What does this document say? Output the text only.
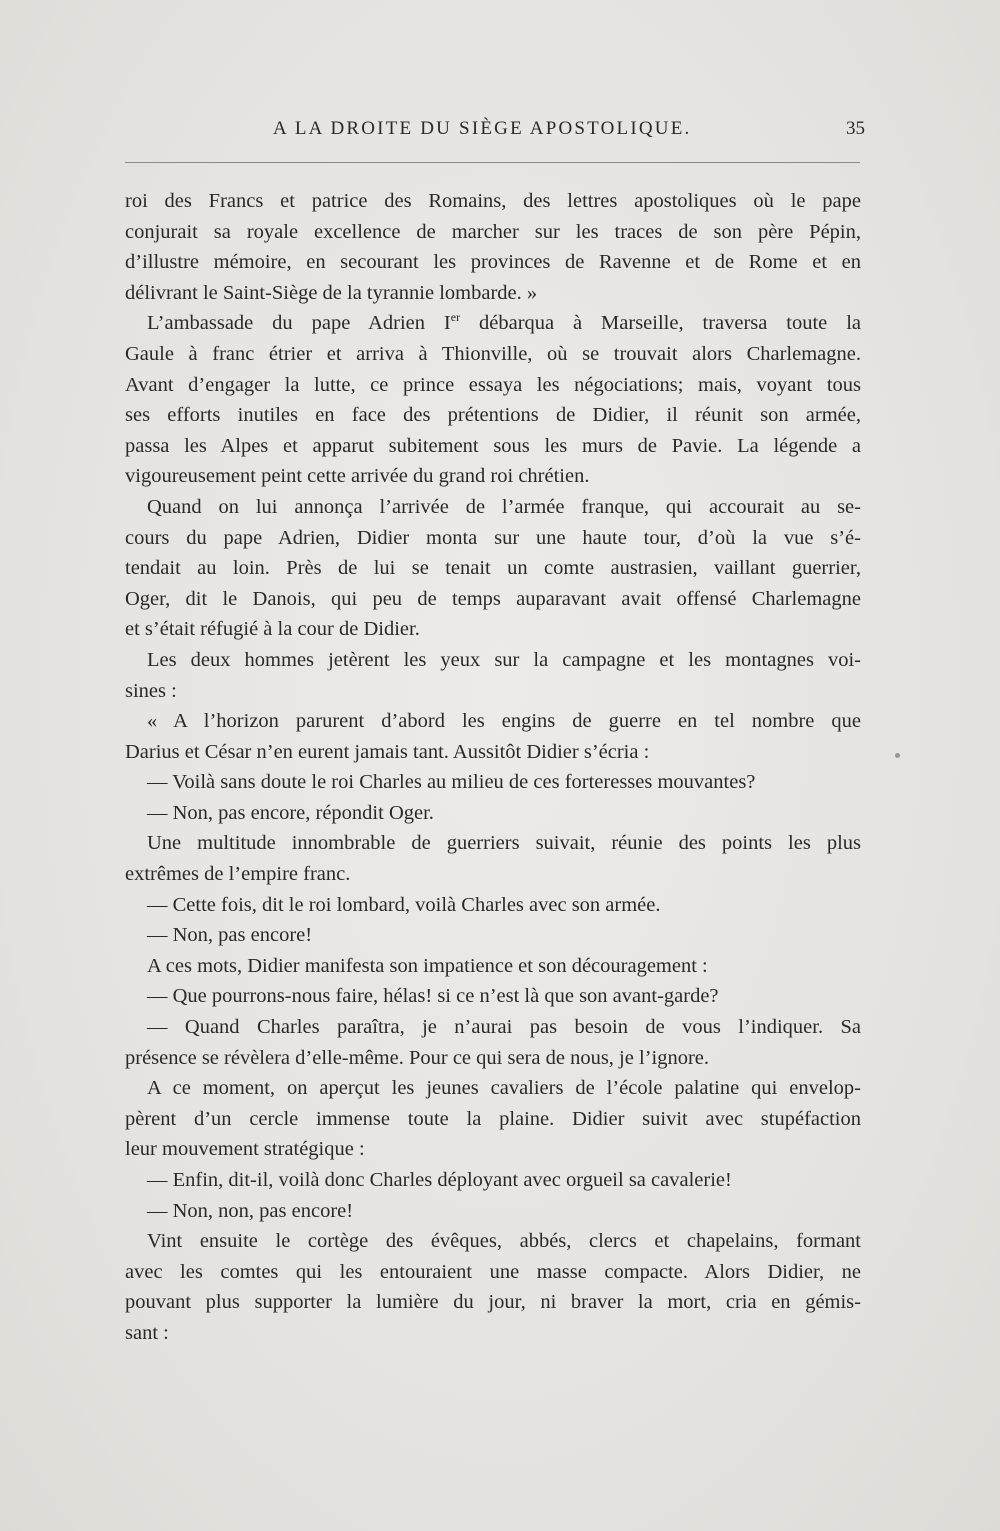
A LA DROITE DU SIÈGE APOSTOLIQUE.	35
roi des Francs et patrice des Romains, des lettres apostoliques où le pape
conjurait sa royale excellence de marcher sur les traces de son père Pépin,
d’illustre mémoire, en secourant les provinces de Ravenne et de Rome et en
délivrant le Saint-Siège de la tyrannie lombarde. »
L’ambassade du pape Adrien Ier débarqua à Marseille, traversa toute la
Gaule à franc étrier et arriva à Thionville, où se trouvait alors Charlemagne.
Avant d’engager la lutte, ce prince essaya les négociations; mais, voyant tous
ses efforts inutiles en face des prétentions de Didier, il réunit son armée,
passa les Alpes et apparut subitement sous les murs de Pavie. La légende a
vigoureusement peint cette arrivée du grand roi chrétien.
Quand on lui annonça l’arrivée de l’armée franque, qui accourait au se-
cours du pape Adrien, Didier monta sur une haute tour, d’où la vue s’é-
tendait au loin. Près de lui se tenait un comte austrasien, vaillant guerrier,
Oger, dit le Danois, qui peu de temps auparavant avait offensé Charlemagne
et s’était réfugié à la cour de Didier.
Les deux hommes jetèrent les yeux sur la campagne et les montagnes voi-
sines :
« A l’horizon parurent d’abord les engins de guerre en tel nombre que
Darius et César n’en eurent jamais tant. Aussitôt Didier s’écria :
— Voilà sans doute le roi Charles au milieu de ces forteresses mouvantes?
— Non, pas encore, répondit Oger.
Une multitude innombrable de guerriers suivait, réunie des points les plus
extrêmes de l’empire franc.
— Cette fois, dit le roi lombard, voilà Charles avec son armée.
— Non, pas encore!
A ces mots, Didier manifesta son impatience et son découragement :
— Que pourrons-nous faire, hélas! si ce n’est là que son avant-garde?
— Quand Charles paraîtra, je n’aurai pas besoin de vous l’indiquer. Sa
présence se révèlera d’elle-même. Pour ce qui sera de nous, je l’ignore.
A ce moment, on aperçut les jeunes cavaliers de l’école palatine qui envelop-
pèrent d’un cercle immense toute la plaine. Didier suivit avec stupéfaction
leur mouvement stratégique :
— Enfin, dit-il, voilà donc Charles déployant avec orgueil sa cavalerie!
— Non, non, pas encore!
Vint ensuite le cortège des évêques, abbés, clercs et chapelains, formant
avec les comtes qui les entouraient une masse compacte. Alors Didier, ne
pouvant plus supporter la lumière du jour, ni braver la mort, cria en gémis-
sant :
